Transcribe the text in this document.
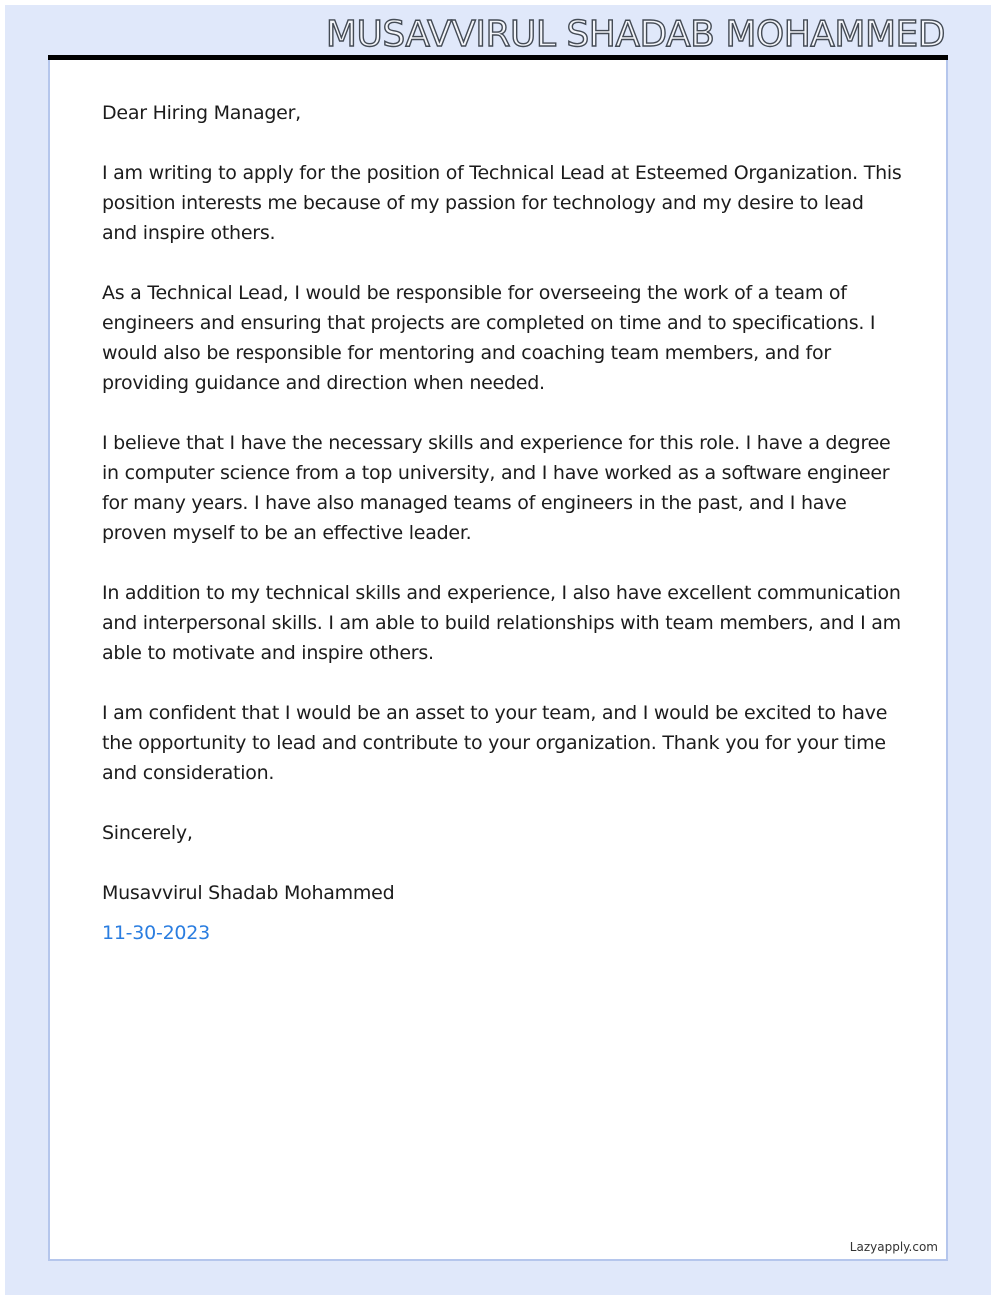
MUSAVVIRUL SHADAB MOHAMMED

Dear Hiring Manager,

I am writing to apply for the position of Technical Lead at Esteemed Organization. This position interests me because of my passion for technology and my desire to lead and inspire others.

As a Technical Lead, I would be responsible for overseeing the work of a team of engineers and ensuring that projects are completed on time and to specifications. I would also be responsible for mentoring and coaching team members, and for providing guidance and direction when needed.

I believe that I have the necessary skills and experience for this role. I have a degree in computer science from a top university, and I have worked as a software engineer for many years. I have also managed teams of engineers in the past, and I have proven myself to be an effective leader.

In addition to my technical skills and experience, I also have excellent communication and interpersonal skills. I am able to build relationships with team members, and I am able to motivate and inspire others.

I am confident that I would be an asset to your team, and I would be excited to have the opportunity to lead and contribute to your organization. Thank you for your time and consideration.

Sincerely,

Musavvirul Shadab Mohammed

11-30-2023

Lazyapply.com
